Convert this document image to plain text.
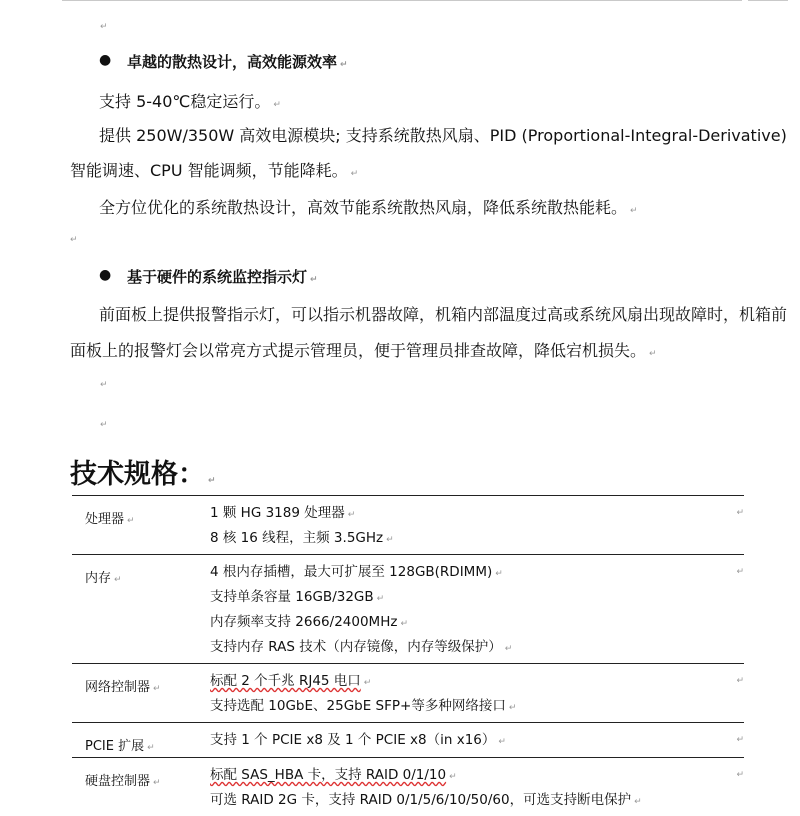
↵
● 卓越的散热设计，高效能源效率 ↵
支持 5-40℃稳定运行。 ↵
提供 250W/350W 高效电源模块; 支持系统散热风扇、PID (Proportional-Integral-Derivative)
智能调速、CPU 智能调频，节能降耗。 ↵
全方位优化的系统散热设计，高效节能系统散热风扇，降低系统散热能耗。 ↵
↵
● 基于硬件的系统监控指示灯 ↵
前面板上提供报警指示灯，可以指示机器故障，机箱内部温度过高或系统风扇出现故障时，机箱前
面板上的报警灯会以常亮方式提示管理员，便于管理员排查故障，降低宕机损失。 ↵
↵
↵
技术规格： ↵
处理器 ↵	1 颗 HG 3189 处理器 ↵
8 核 16 线程，主频 3.5GHz ↵	↵
内存 ↵	4 根内存插槽，最大可扩展至 128GB(RDIMM) ↵
支持单条容量 16GB/32GB ↵
内存频率支持 2666/2400MHz ↵
支持内存 RAS 技术（内存镜像，内存等级保护） ↵	↵
网络控制器 ↵	标配 2 个千兆 RJ45 电口 ↵
支持选配 10GbE、25GbE SFP+等多种网络接口 ↵	↵
PCIE 扩展 ↵	支持 1 个 PCIE x8 及 1 个 PCIE x8（in x16） ↵	↵
硬盘控制器 ↵	标配 SAS_HBA 卡，支持 RAID 0/1/10 ↵
可选 RAID 2G 卡，支持 RAID 0/1/5/6/10/50/60，可选支持断电保护 ↵	↵
